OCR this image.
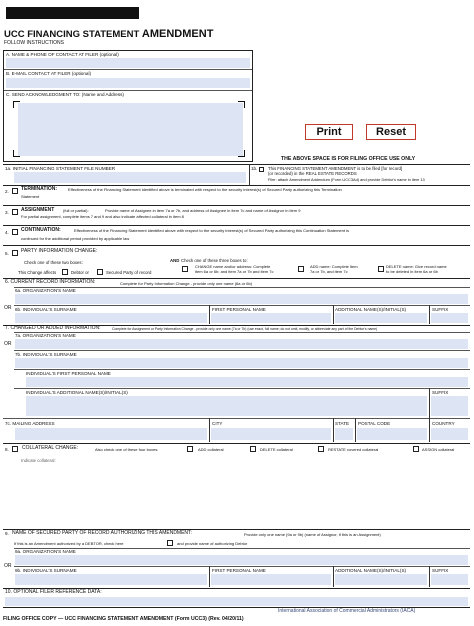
UCC FINANCING STATEMENT AMENDMENT
FOLLOW INSTRUCTIONS
A. NAME & PHONE OF CONTACT AT FILER (optional)
B. E-MAIL CONTACT AT FILER (optional)
C. SEND ACKNOWLEDGMENT TO: (Name and Address)
Print	Reset
THE ABOVE SPACE IS FOR FILING OFFICE USE ONLY
1a. INITIAL FINANCING STATEMENT FILE NUMBER	1b. This FINANCING STATEMENT AMENDMENT is to be filed [for record]
(or recorded) in the REAL ESTATE RECORDS
Filer: attach Amendment Addendum (Form UCC3Ad) and provide Debtor's name in item 13
2. TERMINATION:	Effectiveness of the Financing Statement identified above is terminated with respect to the security interest(s) of Secured Party authorizing this Termination
Statement
3. ASSIGNMENT (full or partial):	Provide name of Assignee in item 7a or 7b, and address of Assignee in item 7c and name of Assignor in item 9
For partial assignment, complete items 7 and 9 and also indicate affected collateral in item 8
4. CONTINUATION:	Effectiveness of the Financing Statement identified above with respect to the security interest(s) of Secured Party authorizing this Continuation Statement is
continued for the additional period provided by applicable law
5. PARTY INFORMATION CHANGE:
Check one of these two boxes:
This Change affects	Debtor or	Secured Party of record
AND Check one of these three boxes to:
CHANGE name and/or address: Complete
item 6a or 6b; and item 7a or 7b and item 7c
ADD name: Complete item
7a or 7b, and item 7c
DELETE name: Give record name
to be deleted in item 6a or 6b
6. CURRENT RECORD INFORMATION:	Complete for Party Information Change - provide only one name (6a or 6b)
6a. ORGANIZATION'S NAME
OR 6b. INDIVIDUAL'S SURNAME	FIRST PERSONAL NAME	ADDITIONAL NAME(S)/INITIAL(S)	SUFFIX
7. CHANGED OR ADDED INFORMATION:	Complete for Assignment or Party Information Change - provide only one name (7a or 7b) (use exact, full name; do not omit, modify, or abbreviate any part of the Debtor's name)
7a. ORGANIZATION'S NAME
OR
7b. INDIVIDUAL'S SURNAME
INDIVIDUAL'S FIRST PERSONAL NAME
INDIVIDUAL'S ADDITIONAL NAME(S)/INITIAL(S)	SUFFIX
7c. MAILING ADDRESS	CITY	STATE POSTAL CODE	COUNTRY
8.	COLLATERAL CHANGE:	Also check one of these four boxes:	ADD collateral	DELETE collateral	RESTATE covered collateral	ASSIGN collateral
Indicate collateral:
9. NAME OF SECURED PARTY OF RECORD AUTHORIZING THIS AMENDMENT:	Provide only one name (9a or 9b) (name of Assignor, if this is an Assignment)
If this is an Amendment authorized by a DEBTOR, check here	and provide name of authorizing Debtor
9a. ORGANIZATION'S NAME
OR
9b. INDIVIDUAL'S SURNAME	FIRST PERSONAL NAME	ADDITIONAL NAME(S)/INITIAL(S)	SUFFIX
10. OPTIONAL FILER REFERENCE DATA:
International Association of Commercial Administrators (IACA)
FILING OFFICE COPY — UCC FINANCING STATEMENT AMENDMENT (Form UCC3) (Rev. 04/20/11)
